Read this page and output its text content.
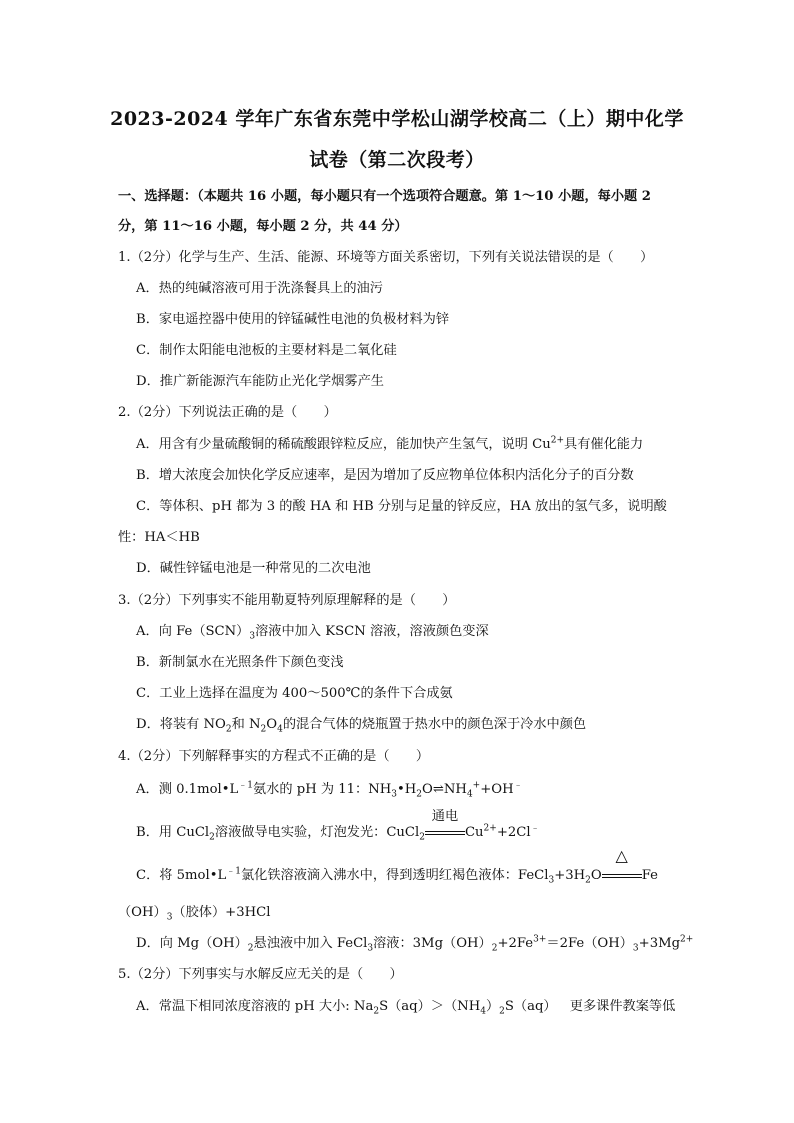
2023-2024 学年广东省东莞中学松山湖学校高二（上）期中化学
试卷（第二次段考）
一、选择题：（本题共 16 小题，每小题只有一个选项符合题意。第 1～10 小题，每小题 2
分，第 11～16 小题，每小题 2 分，共 44 分）
1.（2分）化学与生产、生活、能源、环境等方面关系密切，下列有关说法错误的是（　　）
A．热的纯碱溶液可用于洗涤餐具上的油污
B．家电遥控器中使用的锌锰碱性电池的负极材料为锌
C．制作太阳能电池板的主要材料是二氧化硅
D．推广新能源汽车能防止光化学烟雾产生
2.（2分）下列说法正确的是（　　）
A．用含有少量硫酸铜的稀硫酸跟锌粒反应，能加快产生氢气，说明 $Cu^{2+}$具有催化能力
B．增大浓度会加快化学反应速率，是因为增加了反应物单位体积内活化分子的百分数
C．等体积、pH 都为 3 的酸 HA 和 HB 分别与足量的锌反应，HA 放出的氢气多，说明酸
性：HA＜HB
D．碱性锌锰电池是一种常见的二次电池
3.（2分）下列事实不能用勒夏特列原理解释的是（　　）
A．向 $Fe(SCN)_3$溶液中加入 KSCN 溶液，溶液颜色变深
B．新制氯水在光照条件下颜色变浅
C．工业上选择在温度为 400～500℃的条件下合成氨
D．将装有 $NO_2$和 $N_2O_4$的混合气体的烧瓶置于热水中的颜色深于冷水中颜色
4.（2分）下列解释事实的方程式不正确的是（　　）
A．测 $0.1mol•L^{﹣1}$氨水的 pH 为 11：$NH_3•H_2O\rightleftharpoons NH_4^++OH^﹣$
B．用 CuCl$_2$溶液做导电实验，灯泡发光：CuCl$_2$
通电
$Cu^{2+}+2Cl^﹣$
C．将 $5mol•L^{﹣1}$氯化铁溶液滴入沸水中，得到透明红褐色液体：$FeCl_3+3H_2O$
△
Fe
$(OH)_3$（胶体）+3HCl
D．向 $Mg(OH)_2$悬浊液中加入 FeCl$_3$溶液：$3Mg(OH)_2+2Fe^{3+}=2Fe(OH)_3+3Mg^{2+}$
5.（2分）下列事实与水解反应无关的是（　　）
A．常温下相同浓度溶液的 pH 大小: $Na_2S(aq)>(NH_4)_2S(aq)$  更多课件教案等低
